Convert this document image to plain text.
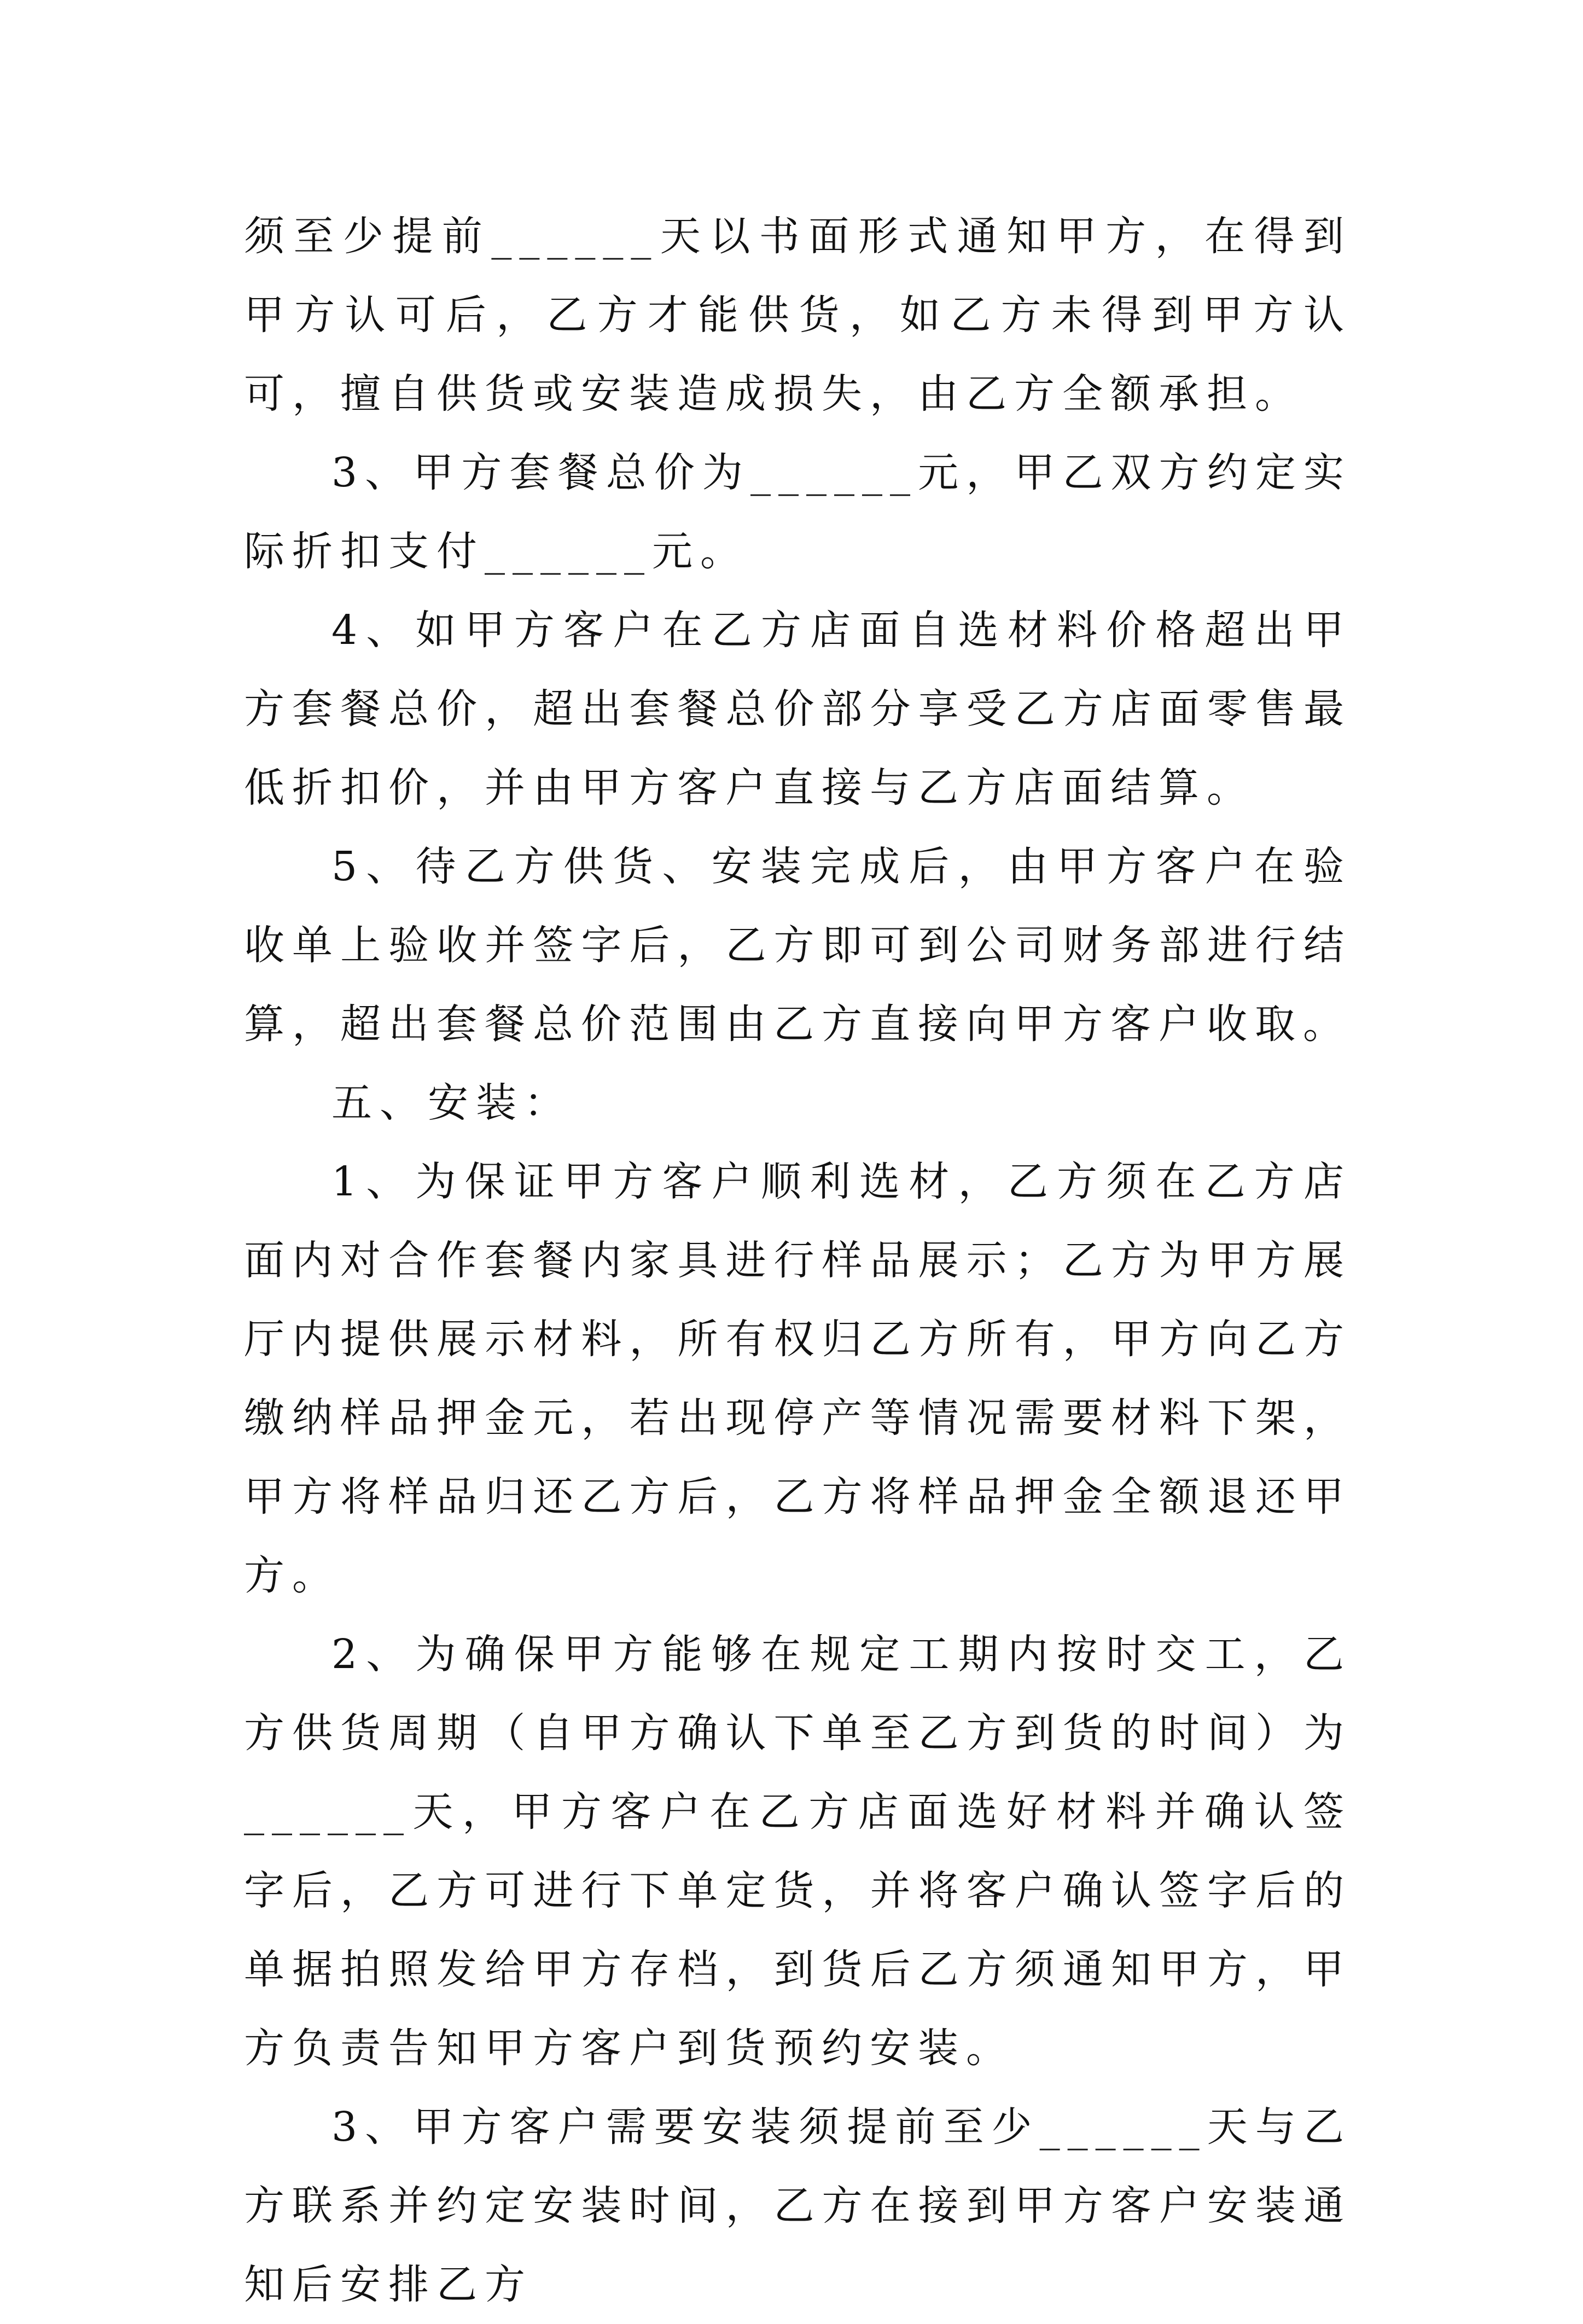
须至少提前______天以书面形式通知甲方，在得到甲方认可后，乙方才能供货，如乙方未得到甲方认可，擅自供货或安装造成损失，由乙方全额承担。

3、甲方套餐总价为______元，甲乙双方约定实际折扣支付______元。

4、如甲方客户在乙方店面自选材料价格超出甲方套餐总价，超出套餐总价部分享受乙方店面零售最低折扣价，并由甲方客户直接与乙方店面结算。

5、待乙方供货、安装完成后，由甲方客户在验收单上验收并签字后，乙方即可到公司财务部进行结算，超出套餐总价范围由乙方直接向甲方客户收取。

五、安装：

1、为保证甲方客户顺利选材，乙方须在乙方店面内对合作套餐内家具进行样品展示；乙方为甲方展厅内提供展示材料，所有权归乙方所有，甲方向乙方缴纳样品押金元，若出现停产等情况需要材料下架，甲方将样品归还乙方后，乙方将样品押金全额退还甲方。

2、为确保甲方能够在规定工期内按时交工，乙方供货周期（自甲方确认下单至乙方到货的时间）为______天，甲方客户在乙方店面选好材料并确认签字后，乙方可进行下单定货，并将客户确认签字后的单据拍照发给甲方存档，到货后乙方须通知甲方，甲方负责告知甲方客户到货预约安装。

3、甲方客户需要安装须提前至少______天与乙方联系并约定安装时间，乙方在接到甲方客户安装通知后安排乙方
